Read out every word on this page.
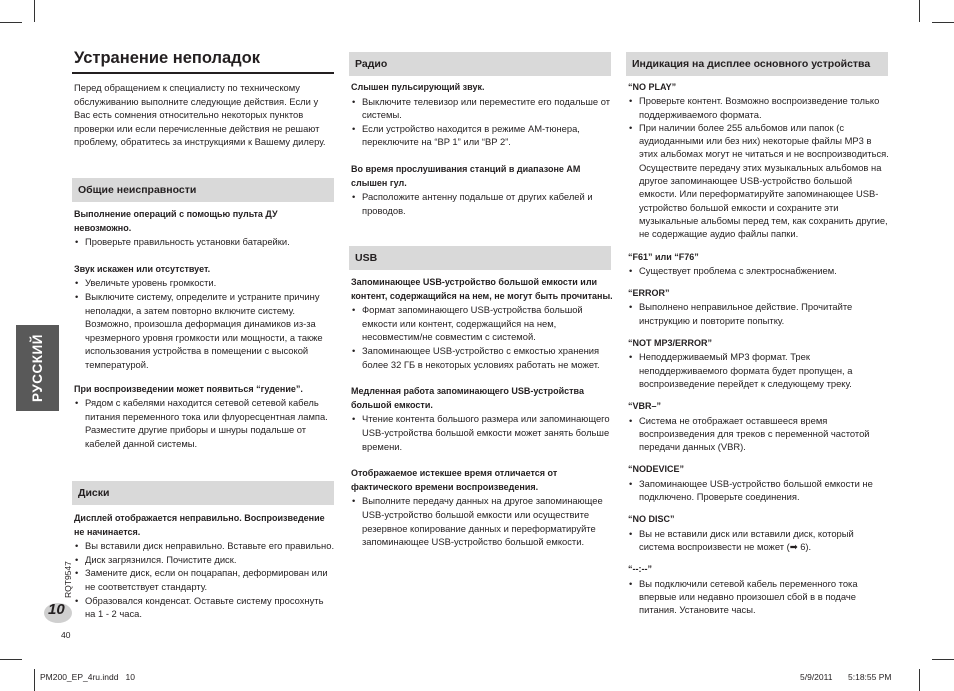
РУССКИЙ
10
40
RQT9547
Устранение неполадок
Перед обращением к специалисту по техническому обслуживанию выполните следующие действия. Если у Вас есть сомнения относительно некоторых пунктов проверки или если перечисленные действия не решают проблему, обратитесь за инструкциями к Вашему дилеру.
Общие неисправности
Выполнение операций с помощью пульта ДУ невозможно.
• Проверьте правильность установки батарейки.
Звук искажен или отсутствует.
• Увеличьте уровень громкости.
• Выключите систему, определите и устраните причину неполадки, а затем повторно включите систему. Возможно, произошла деформация динамиков из-за чрезмерного уровня громкости или мощности, а также использования устройства в помещении с высокой температурой.
При воспроизведении может появиться “гудение”.
• Рядом с кабелями находится сетевой сетевой кабель питания переменного тока или флуоресцентная лампа. Разместите другие приборы и шнуры подальше от кабелей данной системы.
Диски
Дисплей отображается неправильно. Воспроизведение не начинается.
• Вы вставили диск неправильно. Вставьте его правильно.
• Диск загрязнился. Почистите диск.
• Замените диск, если он поцарапан, деформирован или не соответствует стандарту.
• Образовался конденсат. Оставьте систему просохнуть на 1 - 2 часа.
Радио
Слышен пульсирующий звук.
• Выключите телевизор или переместите его подальше от системы.
• Если устройство находится в режиме АМ-тюнера, переключите на “BP 1” или “BP 2”.
Во время прослушивания станций в диапазоне АМ слышен гул.
• Расположите антенну подальше от других кабелей и проводов.
USB
Запоминающее USB-устройство большой емкости или контент, содержащийся на нем, не могут быть прочитаны.
• Формат запоминающего USB-устройства большой емкости или контент, содержащийся на нем, несовместим/не совместим с системой.
• Запоминающее USB-устройство с емкостью хранения более 32 ГБ в некоторых условиях работать не может.
Медленная работа запоминающего USB-устройства большой емкости.
• Чтение контента большого размера или запоминающего USB-устройства большой емкости может занять больше времени.
Отображаемое истекшее время отличается от фактического времени воспроизведения.
• Выполните передачу данных на другое запоминающее USB-устройство большой емкости или осуществите резервное копирование данных и переформатируйте запоминающее USB-устройство большой емкости.
Индикация на дисплее основного устройства
“NO PLAY”
• Проверьте контент. Возможно воспроизведение только поддерживаемого формата.
• При наличии более 255 альбомов или папок (с аудиоданными или без них) некоторые файлы MP3 в этих альбомах могут не читаться и не воспроизводиться. Осуществите передачу этих музыкальных альбомов на другое запоминающее USB-устройство большой емкости. Или переформатируйте запоминающее USB-устройство большой емкости и сохраните эти музыкальные альбомы перед тем, как сохранить другие, не содержащие аудио файлы папки.
“F61” или “F76”
• Существует проблема с электроснабжением.
“ERROR”
• Выполнено неправильное действие. Прочитайте инструкцию и повторите попытку.
“NOT MP3/ERROR”
• Неподдерживаемый MP3 формат. Трек неподдерживаемого формата будет пропущен, а воспроизведение перейдет к следующему треку.
“VBR–”
• Система не отображает оставшееся время воспроизведения для треков с переменной частотой передачи данных (VBR).
“NODEVICE”
• Запоминающее USB-устройство большой емкости не подключено. Проверьте соединения.
“NO DISC”
• Вы не вставили диск или вставили диск, который система воспроизвести не может (➡ 6).
“--:--”
• Вы подключили сетевой кабель переменного тока впервые или недавно произошел сбой в в подаче питания. Установите часы.
PM200_EP_4ru.indd   10	5/9/2011 5:18:55 PM
